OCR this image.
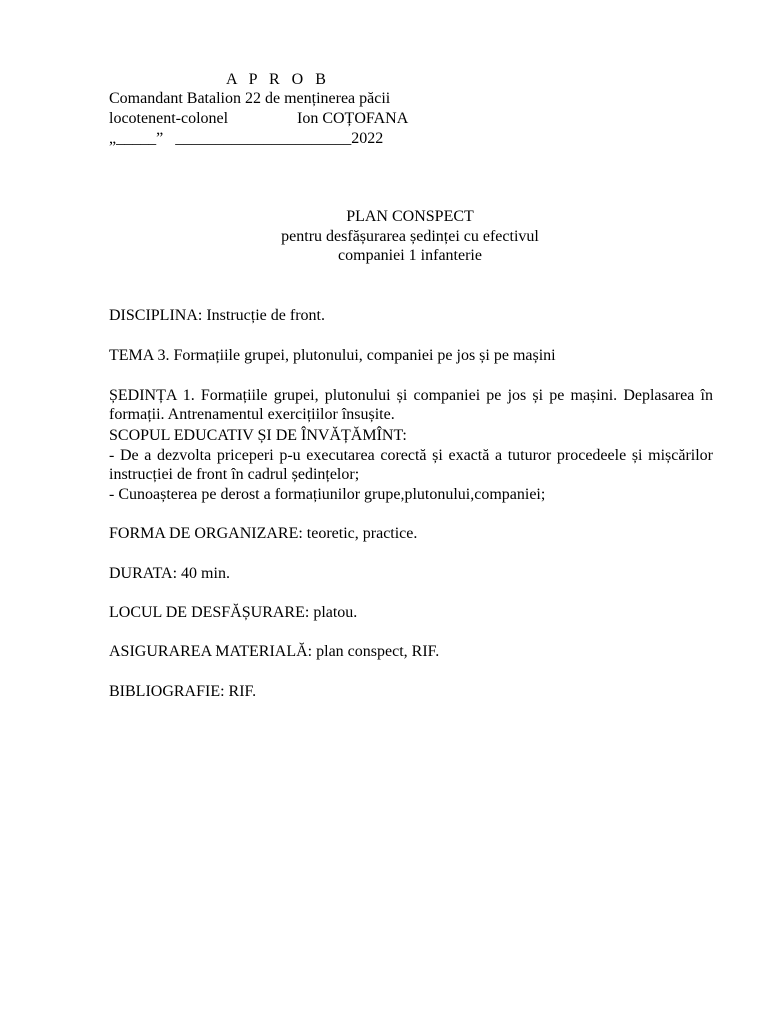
A P R O B
Comandant Batalion 22 de menținerea păcii
locotenent-colonel	Ion COȚOFANA
„_____”   ______________________2022
PLAN CONSPECT
pentru desfășurarea ședinței cu efectivul
companiei 1 infanterie
DISCIPLINA: Instrucție de front.
TEMA 3. Formațiile grupei, plutonului, companiei pe jos și pe mașini
ȘEDINȚA 1. Formațiile grupei, plutonului și companiei pe jos și pe mașini. Deplasarea în formații. Antrenamentul exercițiilor însușite.
SCOPUL EDUCATIV ȘI DE ÎNVĂȚĂMÎNT:
- De a dezvolta priceperi p-u executarea corectă și exactă a tuturor procedeele și mișcărilor instrucției de front în cadrul ședințelor;
- Cunoașterea pe derost a formațiunilor grupe,plutonului,companiei;
FORMA DE ORGANIZARE: teoretic, practice.
DURATA: 40 min.
LOCUL DE DESFĂȘURARE: platou.
ASIGURAREA MATERIALĂ: plan conspect, RIF.
BIBLIOGRAFIE: RIF.
